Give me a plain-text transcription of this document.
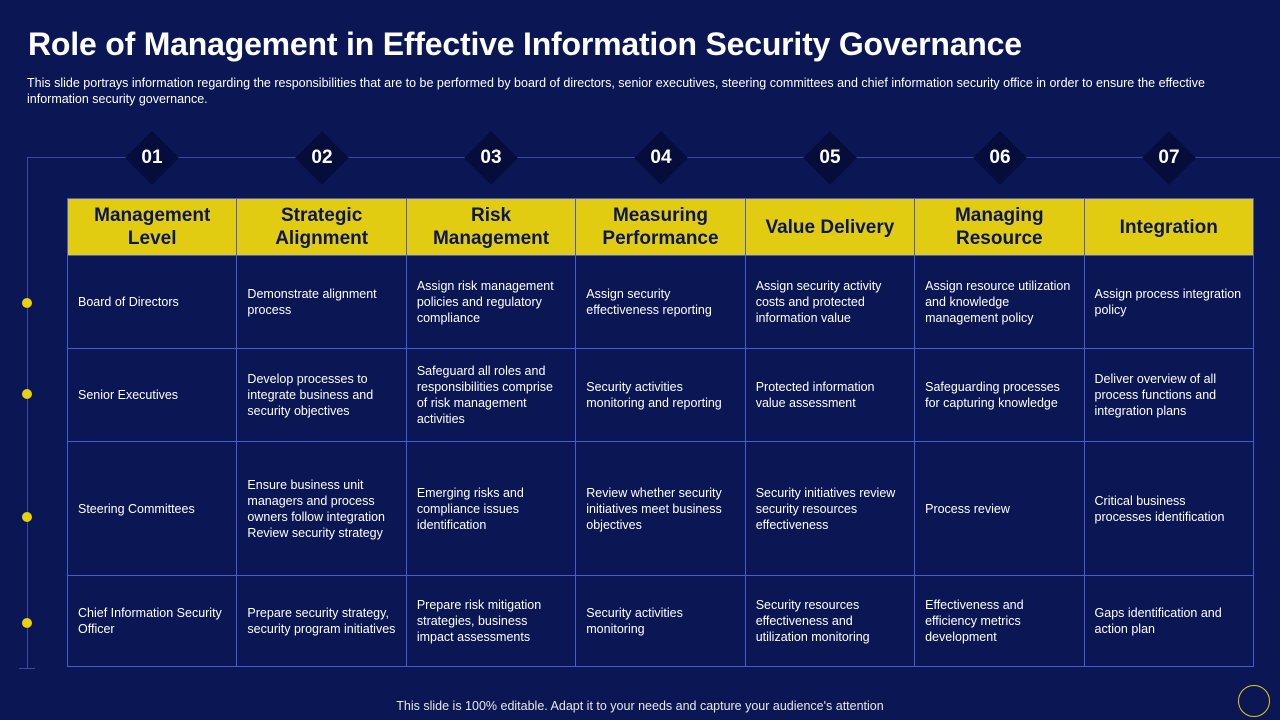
Role of Management in Effective Information Security Governance

This slide portrays information regarding the responsibilities that are to be performed by board of directors, senior executives, steering committees and chief information security office in order to ensure the effective information security governance.

01	02	03	04	05	06	07
Management Level	Strategic Alignment	Risk Management	Measuring Performance	Value Delivery	Managing Resource	Integration
Board of Directors	Demonstrate alignment process	Assign risk management policies and regulatory compliance	Assign security effectiveness reporting	Assign security activity costs and protected information value	Assign resource utilization and knowledge management policy	Assign process integration policy
Senior Executives	Develop processes to integrate business and security objectives	Safeguard all roles and responsibilities comprise of risk management activities	Security activities monitoring and reporting	Protected information value assessment	Safeguarding processes for capturing knowledge	Deliver overview of all process functions and integration plans
Steering Committees	Ensure business unit managers and process owners follow integration Review security strategy	Emerging risks and compliance issues identification	Review whether security initiatives meet business objectives	Security initiatives review security resources effectiveness	Process review	Critical business processes identification
Chief Information Security Officer	Prepare security strategy, security program initiatives	Prepare risk mitigation strategies, business impact assessments	Security activities monitoring	Security resources effectiveness and utilization monitoring	Effectiveness and efficiency metrics development	Gaps identification and action plan
This slide is 100% editable. Adapt it to your needs and capture your audience's attention
